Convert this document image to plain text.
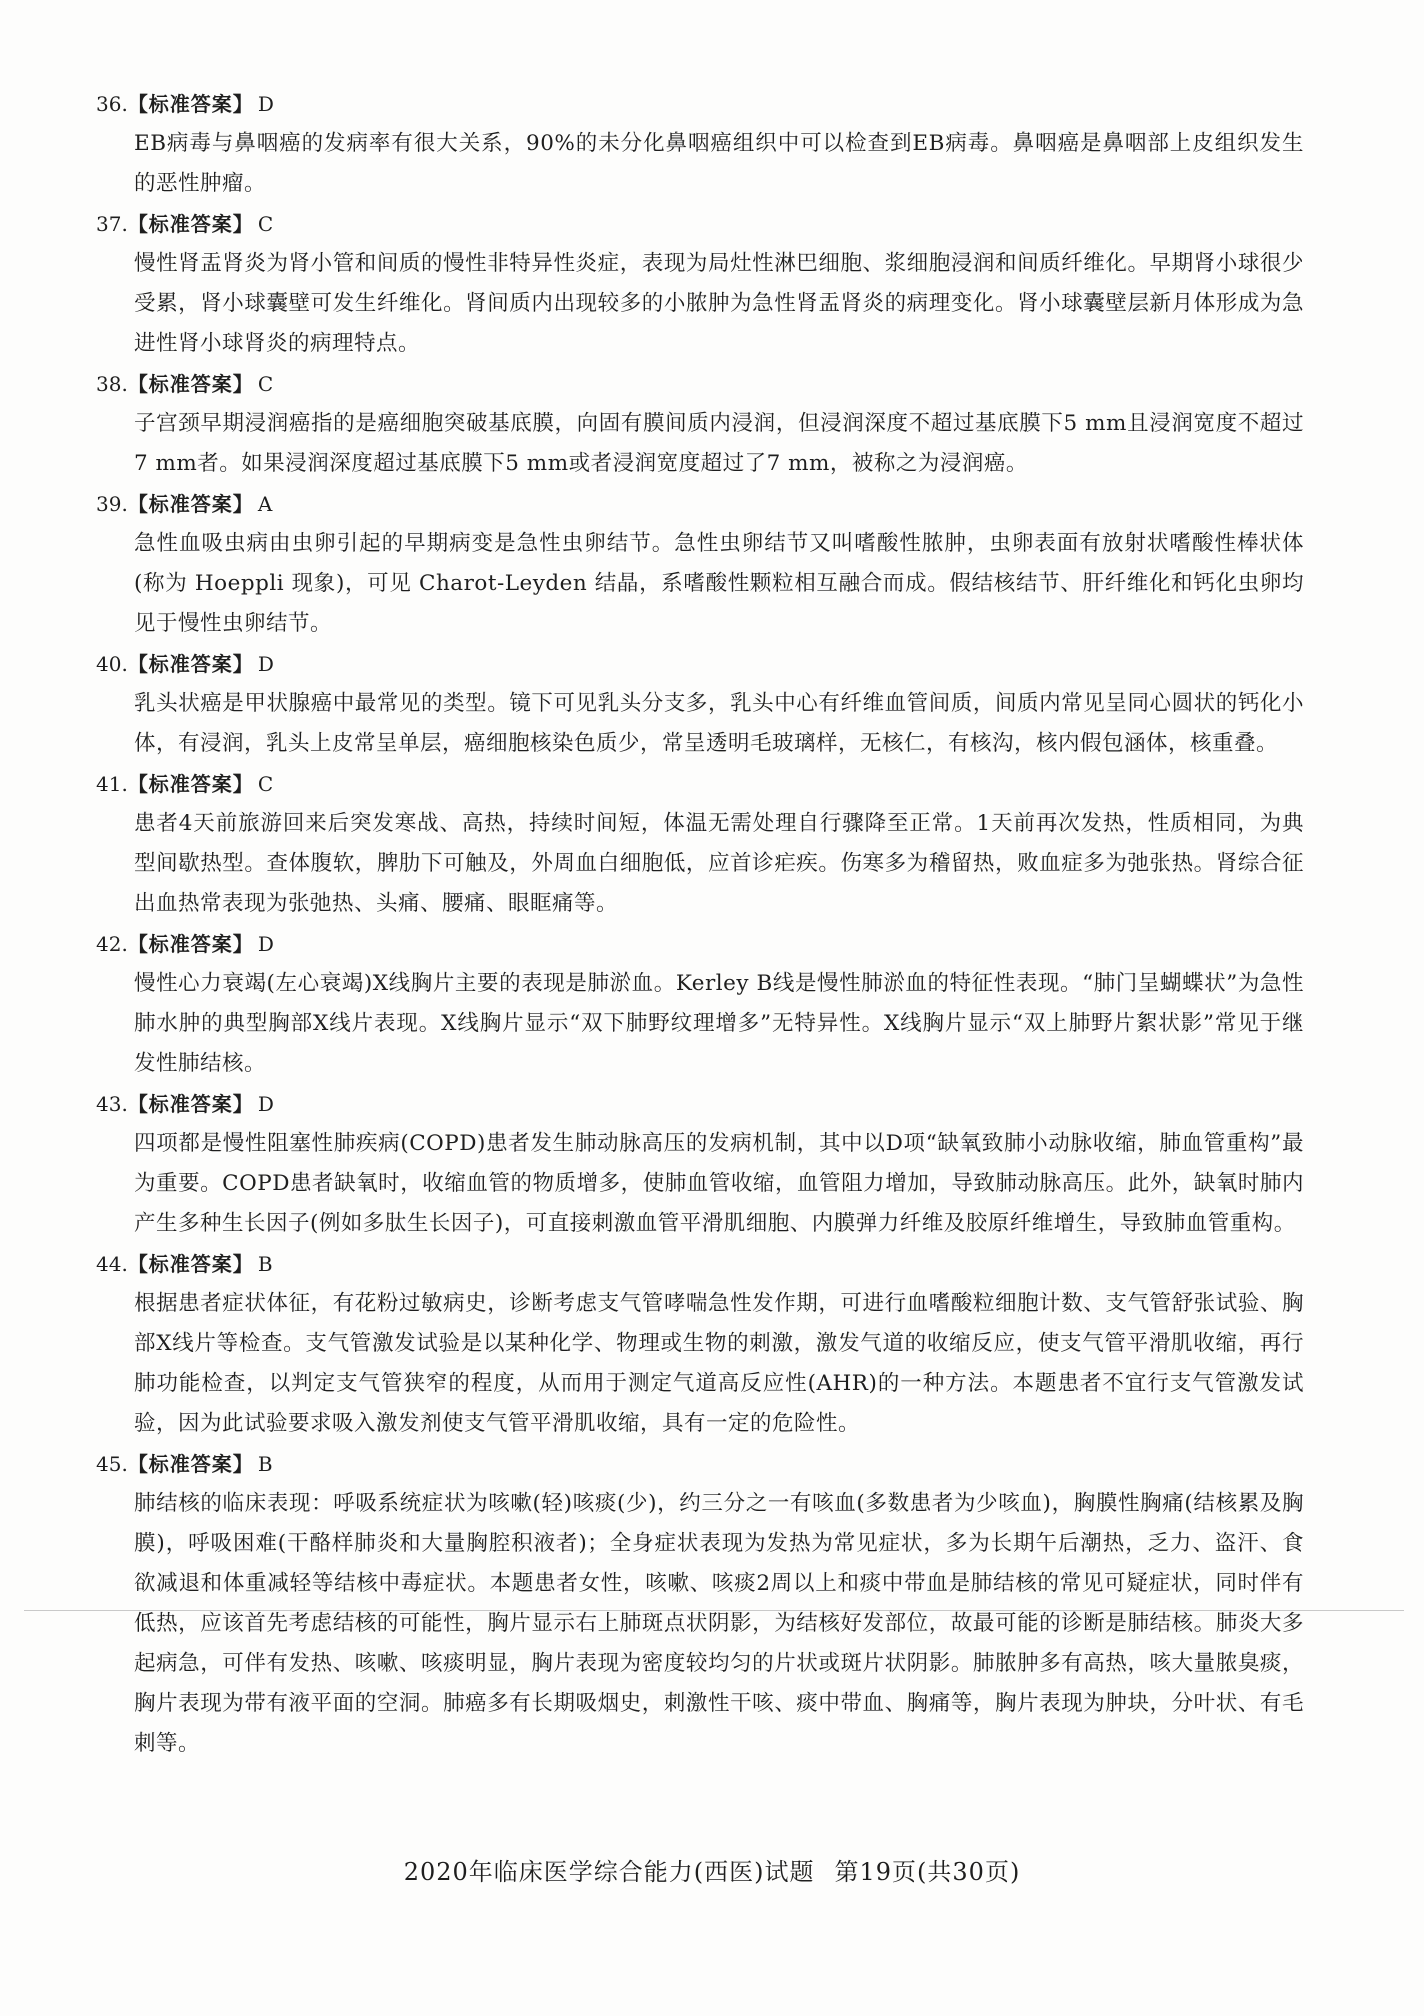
36.【标准答案】 D

EB病毒与鼻咽癌的发病率有很大关系，90%的未分化鼻咽癌组织中可以检查到EB病毒。鼻咽癌是鼻咽部上皮组织发生的恶性肿瘤。

37.【标准答案】 C

慢性肾盂肾炎为肾小管和间质的慢性非特异性炎症，表现为局灶性淋巴细胞、浆细胞浸润和间质纤维化。早期肾小球很少受累，肾小球囊壁可发生纤维化。肾间质内出现较多的小脓肿为急性肾盂肾炎的病理变化。肾小球囊壁层新月体形成为急进性肾小球肾炎的病理特点。

38.【标准答案】 C

子宫颈早期浸润癌指的是癌细胞突破基底膜，向固有膜间质内浸润，但浸润深度不超过基底膜下5 mm且浸润宽度不超过7 mm者。如果浸润深度超过基底膜下5 mm或者浸润宽度超过了7 mm，被称之为浸润癌。

39.【标准答案】 A

急性血吸虫病由虫卵引起的早期病变是急性虫卵结节。急性虫卵结节又叫嗜酸性脓肿，虫卵表面有放射状嗜酸性棒状体(称为 Hoeppli 现象)，可见 Charot-Leyden 结晶，系嗜酸性颗粒相互融合而成。假结核结节、肝纤维化和钙化虫卵均见于慢性虫卵结节。

40.【标准答案】 D

乳头状癌是甲状腺癌中最常见的类型。镜下可见乳头分支多，乳头中心有纤维血管间质，间质内常见呈同心圆状的钙化小体，有浸润，乳头上皮常呈单层，癌细胞核染色质少，常呈透明毛玻璃样，无核仁，有核沟，核内假包涵体，核重叠。

41.【标准答案】 C

患者4天前旅游回来后突发寒战、高热，持续时间短，体温无需处理自行骤降至正常。1天前再次发热，性质相同，为典型间歇热型。查体腹软，脾肋下可触及，外周血白细胞低，应首诊疟疾。伤寒多为稽留热，败血症多为弛张热。肾综合征出血热常表现为张弛热、头痛、腰痛、眼眶痛等。

42.【标准答案】 D

慢性心力衰竭(左心衰竭)X线胸片主要的表现是肺淤血。Kerley B线是慢性肺淤血的特征性表现。“肺门呈蝴蝶状”为急性肺水肿的典型胸部X线片表现。X线胸片显示“双下肺野纹理增多”无特异性。X线胸片显示“双上肺野片絮状影”常见于继发性肺结核。

43.【标准答案】 D

四项都是慢性阻塞性肺疾病(COPD)患者发生肺动脉高压的发病机制，其中以D项“缺氧致肺小动脉收缩，肺血管重构”最为重要。COPD患者缺氧时，收缩血管的物质增多，使肺血管收缩，血管阻力增加，导致肺动脉高压。此外，缺氧时肺内产生多种生长因子(例如多肽生长因子)，可直接刺激血管平滑肌细胞、内膜弹力纤维及胶原纤维增生，导致肺血管重构。

44.【标准答案】 B

根据患者症状体征，有花粉过敏病史，诊断考虑支气管哮喘急性发作期，可进行血嗜酸粒细胞计数、支气管舒张试验、胸部X线片等检查。支气管激发试验是以某种化学、物理或生物的刺激，激发气道的收缩反应，使支气管平滑肌收缩，再行肺功能检查，以判定支气管狭窄的程度，从而用于测定气道高反应性(AHR)的一种方法。本题患者不宜行支气管激发试验，因为此试验要求吸入激发剂使支气管平滑肌收缩，具有一定的危险性。

45.【标准答案】 B

肺结核的临床表现：呼吸系统症状为咳嗽(轻)咳痰(少)，约三分之一有咳血(多数患者为少咳血)，胸膜性胸痛(结核累及胸膜)，呼吸困难(干酪样肺炎和大量胸腔积液者)；全身症状表现为发热为常见症状，多为长期午后潮热，乏力、盗汗、食欲减退和体重减轻等结核中毒症状。本题患者女性，咳嗽、咳痰2周以上和痰中带血是肺结核的常见可疑症状，同时伴有低热，应该首先考虑结核的可能性，胸片显示右上肺斑点状阴影，为结核好发部位，故最可能的诊断是肺结核。肺炎大多起病急，可伴有发热、咳嗽、咳痰明显，胸片表现为密度较均匀的片状或斑片状阴影。肺脓肿多有高热，咳大量脓臭痰，胸片表现为带有液平面的空洞。肺癌多有长期吸烟史，刺激性干咳、痰中带血、胸痛等，胸片表现为肿块，分叶状、有毛刺等。

2020年临床医学综合能力(西医)试题 第19页(共30页)
